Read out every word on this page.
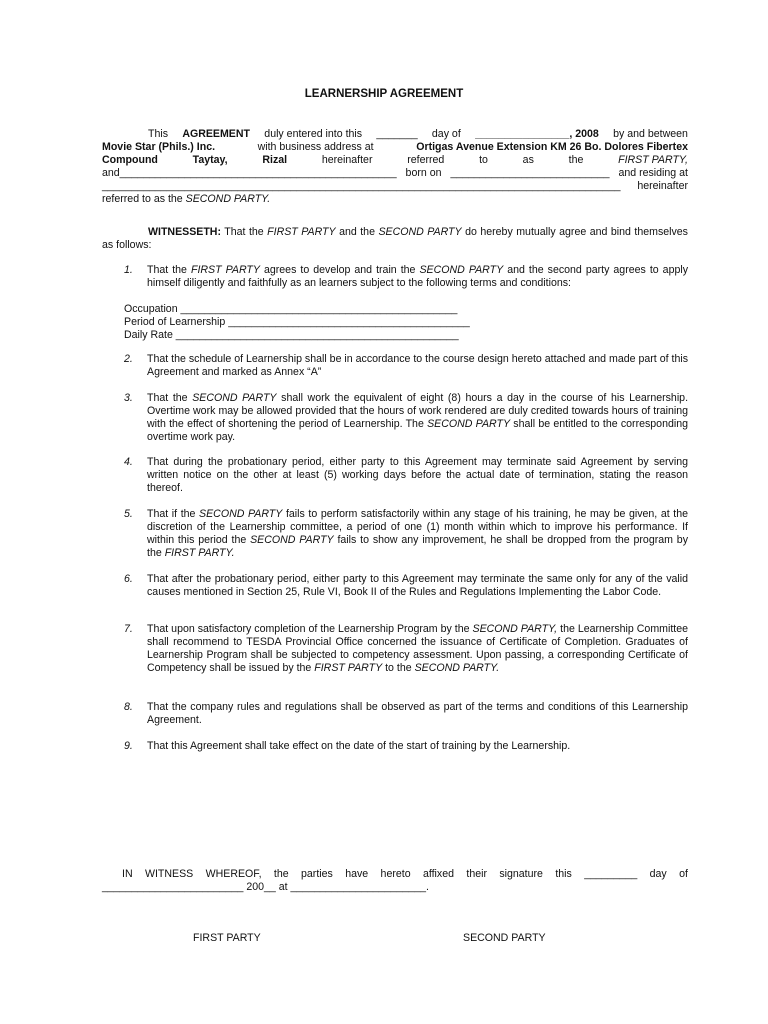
LEARNERSHIP AGREEMENT
This AGREEMENT duly entered into this _______ day of ________________, 2008 by and between
Movie Star (Phils.) Inc.	with business address at	Ortigas Avenue Extension KM 26 Bo. Dolores Fibertex
Compound	Taytay,	Rizal	hereinafter	referred	to	as	the	FIRST PARTY,
and_______________________________________________ born on ___________________________ and residing at
________________________________________________________________________________________ hereinafter
referred to as the SECOND PARTY.
WITNESSETH: That the FIRST PARTY and the SECOND PARTY do hereby mutually agree and bind themselves as follows:
1. That the FIRST PARTY agrees to develop and train the SECOND PARTY and the second party agrees to apply himself diligently and faithfully as an learners subject to the following terms and conditions:
Occupation _______________________________________________
Period of Learnership _________________________________________
Daily Rate ________________________________________________
2. That the schedule of Learnership shall be in accordance to the course design hereto attached and made part of this Agreement and marked as Annex “A”
3. That the SECOND PARTY shall work the equivalent of eight (8) hours a day in the course of his Learnership. Overtime work may be allowed provided that the hours of work rendered are duly credited towards hours of training with the effect of shortening the period of Learnership. The SECOND PARTY shall be entitled to the corresponding overtime work pay.
4. That during the probationary period, either party to this Agreement may terminate said Agreement by serving written notice on the other at least (5) working days before the actual date of termination, stating the reason thereof.
5. That if the SECOND PARTY fails to perform satisfactorily within any stage of his training, he may be given, at the discretion of the Learnership committee, a period of one (1) month within which to improve his performance. If within this period the SECOND PARTY fails to show any improvement, he shall be dropped from the program by the FIRST PARTY.
6. That after the probationary period, either party to this Agreement may terminate the same only for any of the valid causes mentioned in Section 25, Rule VI, Book II of the Rules and Regulations Implementing the Labor Code.
7. That upon satisfactory completion of the Learnership Program by the SECOND PARTY, the Learnership Committee shall recommend to TESDA Provincial Office concerned the issuance of Certificate of Completion. Graduates of Learnership Program shall be subjected to competency assessment. Upon passing, a corresponding Certificate of Competency shall be issued by the FIRST PARTY to the SECOND PARTY.
8. That the company rules and regulations shall be observed as part of the terms and conditions of this Learnership Agreement.
9. That this Agreement shall take effect on the date of the start of training by the Learnership.
IN WITNESS WHEREOF, the parties have hereto affixed their signature this _________ day of
________________________ 200__ at _______________________.
FIRST PARTY	SECOND PARTY
